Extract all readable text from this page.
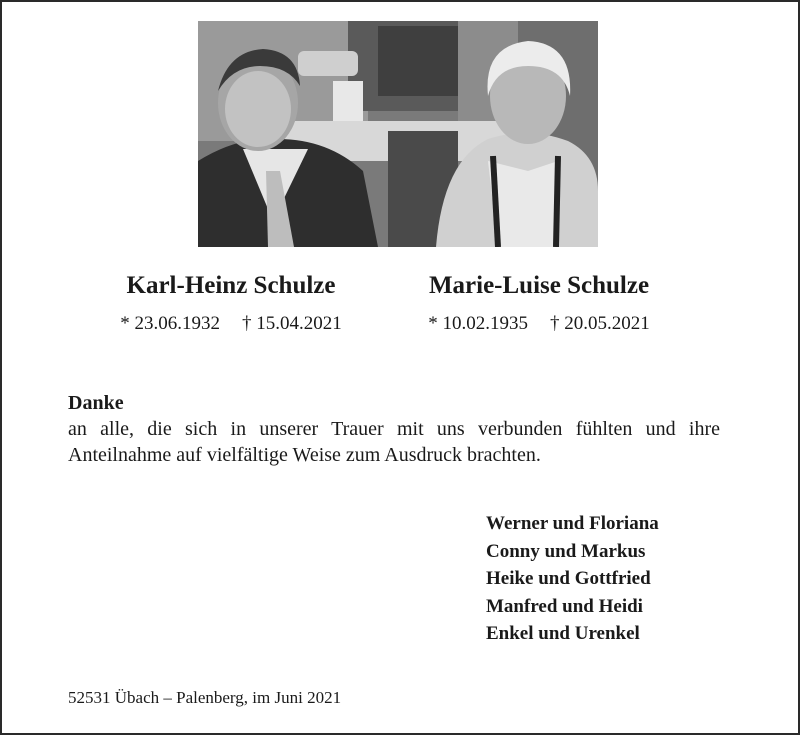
Karl-Heinz Schulze
* 23.06.1932 † 15.04.2021
Marie-Luise Schulze
* 10.02.1935 † 20.05.2021
Danke
an alle, die sich in unserer Trauer mit uns verbunden fühlten und ihre Anteilnahme auf vielfältige Weise zum Ausdruck brachten.
Werner und Floriana
Conny und Markus
Heike und Gottfried
Manfred und Heidi
Enkel und Urenkel
52531 Übach – Palenberg, im Juni 2021
